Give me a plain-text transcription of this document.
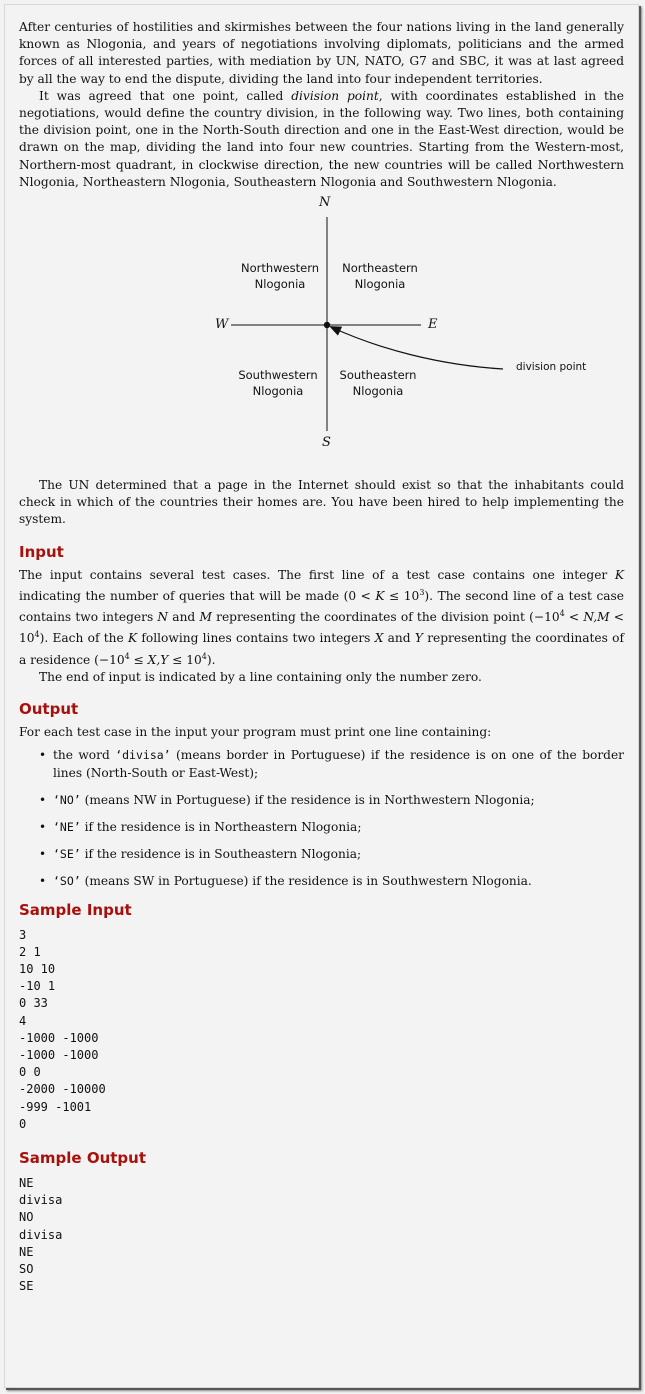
After centuries of hostilities and skirmishes between the four nations living in the land generally known as Nlogonia, and years of negotiations involving diplomats, politicians and the armed forces of all interested parties, with mediation by UN, NATO, G7 and SBC, it was at last agreed by all the way to end the dispute, dividing the land into four independent territories.

It was agreed that one point, called division point, with coordinates established in the negotiations, would define the country division, in the following way. Two lines, both containing the division point, one in the North-South direction and one in the East-West direction, would be drawn on the map, dividing the land into four new countries. Starting from the Western-most, Northern-most quadrant, in clockwise direction, the new countries will be called Northwestern Nlogonia, Northeastern Nlogonia, Southeastern Nlogonia and Southwestern Nlogonia.

N
S
W	E
Northwestern
Nlogonia
Northeastern
Nlogonia
Southwestern
Nlogonia
Southeastern
Nlogonia
division point

The UN determined that a page in the Internet should exist so that the inhabitants could check in which of the countries their homes are. You have been hired to help implementing the system.

Input

The input contains several test cases. The first line of a test case contains one integer K indicating the number of queries that will be made $(0 < K \le 10^3)$. The second line of a test case contains two integers N and M representing the coordinates of the division point $(-10^4 < N,M < 10^4)$. Each of the K following lines contains two integers X and Y representing the coordinates of a residence $(-10^4 \le X,Y \le 10^4)$.

The end of input is indicated by a line containing only the number zero.

Output

For each test case in the input your program must print one line containing:

• the word ‘divisa’ (means border in Portuguese) if the residence is on one of the border lines (North-South or East-West);
• ‘NO’ (means NW in Portuguese) if the residence is in Northwestern Nlogonia;
• ‘NE’ if the residence is in Northeastern Nlogonia;
• ‘SE’ if the residence is in Southeastern Nlogonia;
• ‘SO’ (means SW in Portuguese) if the residence is in Southwestern Nlogonia.
Sample Input
3
2 1
10 10
-10 1
0 33
4
-1000 -1000
-1000 -1000
0 0
-2000 -10000
-999 -1001
0
Sample Output
NE
divisa
NO
divisa
NE
SO
SE
